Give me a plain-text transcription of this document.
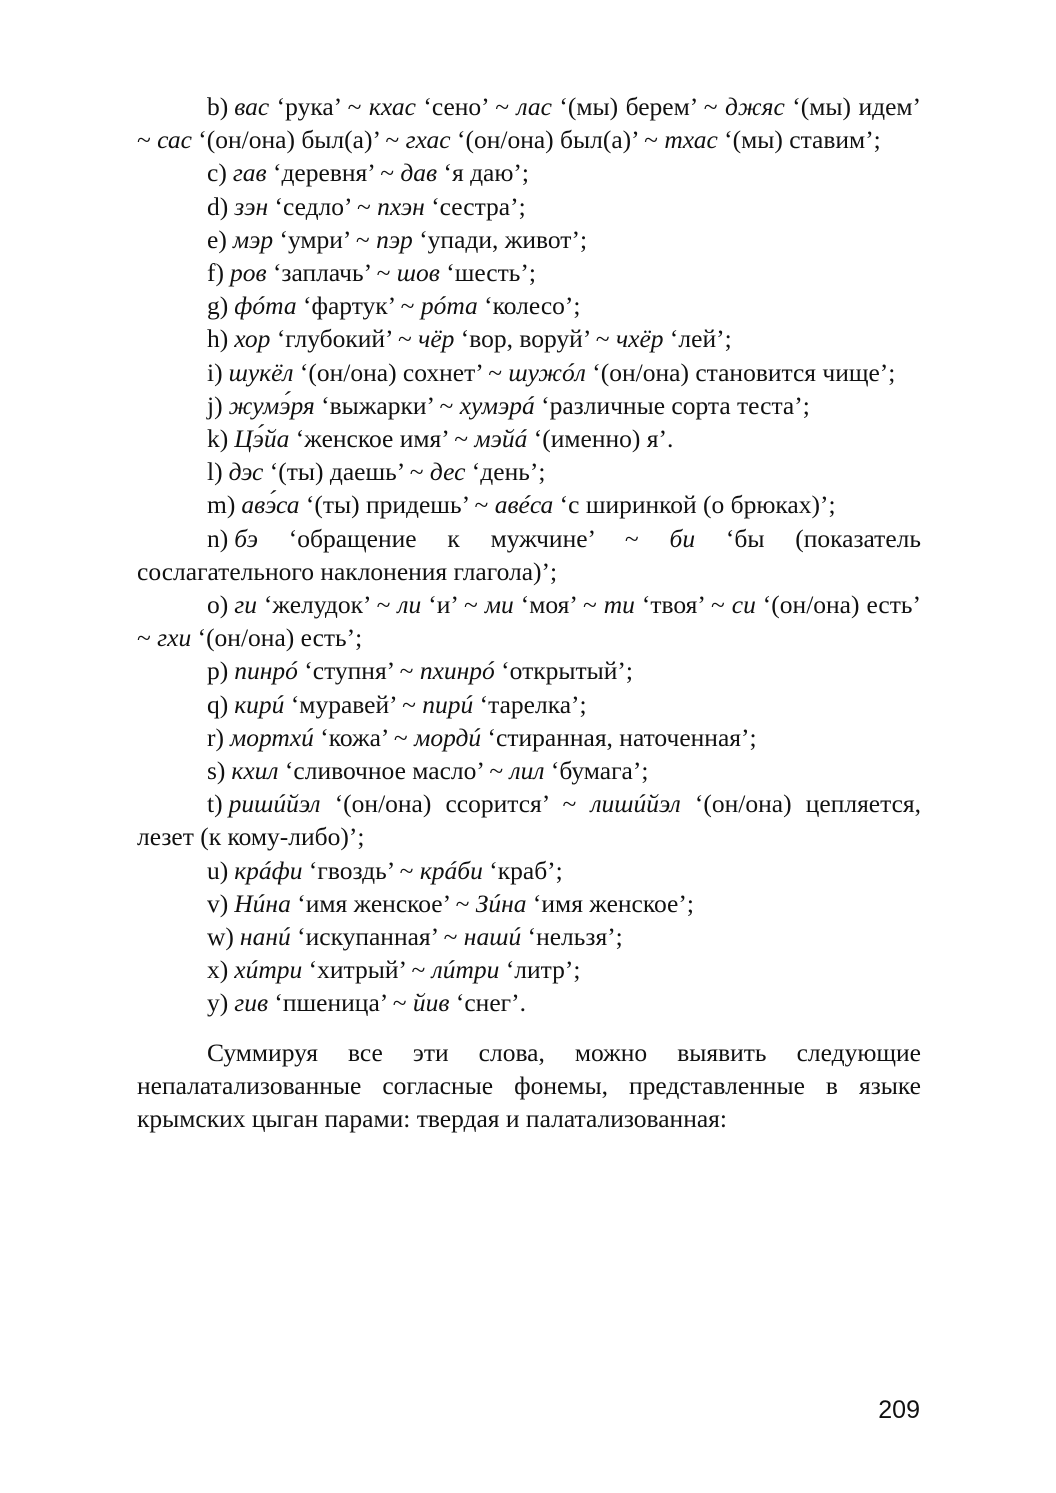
b) вас ‘рука’ ~ кхас ‘сено’ ~ лас ‘(мы) берем’ ~ джяс ‘(мы) идем’ ~ сас ‘(он/она) был(а)’ ~ гхас ‘(он/она) был(а)’ ~ тхас ‘(мы) ставим’;

c) гав ‘деревня’ ~ дав ‘я даю’;

d) зэн ‘седло’ ~ пхэн ‘сестра’;

e) мэр ‘умри’ ~ пэр ‘упади, живот’;

f) ров ‘заплачь’ ~ шов ‘шесть’;

g) фóта ‘фартук’ ~ рóта ‘колесо’;

h) хор ‘глубокий’ ~ чёр ‘вор, воруй’ ~ чхёр ‘лей’;

i) шукёл ‘(он/она) сохнет’ ~ шужóл ‘(он/она) становится чище’;

j) жумэ́ря ‘выжарки’ ~ хумэрá ‘различные сорта теста’;

k) Цэ́йа ‘женское имя’ ~ мэйá ‘(именно) я’.

l) дэс ‘(ты) даешь’ ~ дес ‘день’;

m) авэ́са ‘(ты) придешь’ ~ авéса ‘с ширинкой (о брюках)’;

n) бэ ‘обращение к мужчине’ ~ би ‘бы (показатель сослагательного наклонения глагола)’;

o) ги ‘желудок’ ~ ли ‘и’ ~ ми ‘моя’ ~ ти ‘твоя’ ~ си ‘(он/она) есть’ ~ гхи ‘(он/она) есть’;

p) пинрó ‘ступня’ ~ пхинрó ‘открытый’;

q) кирú ‘муравей’ ~ пирú ‘тарелка’;

r) мортхú ‘кожа’ ~ мордú ‘стиранная, наточенная’;

s) кхил ‘сливочное масло’ ~ лил ‘бумага’;

t) ришúйэл ‘(он/она) ссорится’ ~ лишúйэл ‘(он/она) цепляется, лезет (к кому-либо)’;

u) крáфи ‘гвоздь’ ~ крáби ‘краб’;

v) Нúна ‘имя женское’ ~ Зúна ‘имя женское’;

w) нанú ‘искупанная’ ~ нашú ‘нельзя’;

x) хúтри ‘хитрый’ ~ лúтри ‘литр’;

y) гив ‘пшеница’ ~ йив ‘снег’.

Суммируя все эти слова, можно выявить следующие непалатализованные согласные фонемы, представленные в языке крымских цыган парами: твердая и палатализованная:

209
